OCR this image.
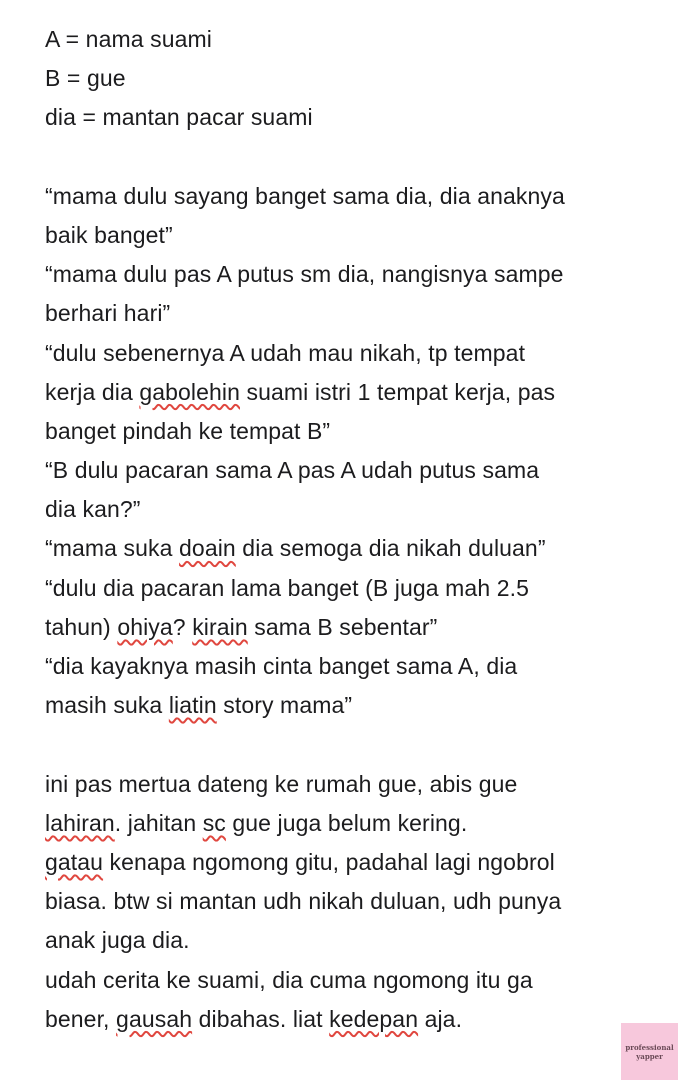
A = nama suami
B = gue
dia = mantan pacar suami
“mama dulu sayang banget sama dia, dia anaknya
baik banget”
“mama dulu pas A putus sm dia, nangisnya sampe
berhari hari”
“dulu sebenernya A udah mau nikah, tp tempat
kerja dia gabolehin suami istri 1 tempat kerja, pas
banget pindah ke tempat B”
“B dulu pacaran sama A pas A udah putus sama
dia kan?”
“mama suka doain dia semoga dia nikah duluan”
“dulu dia pacaran lama banget (B juga mah 2.5
tahun) ohiya? kirain sama B sebentar”
“dia kayaknya masih cinta banget sama A, dia
masih suka liatin story mama”
ini pas mertua dateng ke rumah gue, abis gue
lahiran. jahitan sc gue juga belum kering.
gatau kenapa ngomong gitu, padahal lagi ngobrol
biasa. btw si mantan udh nikah duluan, udh punya
anak juga dia.
udah cerita ke suami, dia cuma ngomong itu ga
bener, gausah dibahas. liat kedepan aja.
professional
yapper
